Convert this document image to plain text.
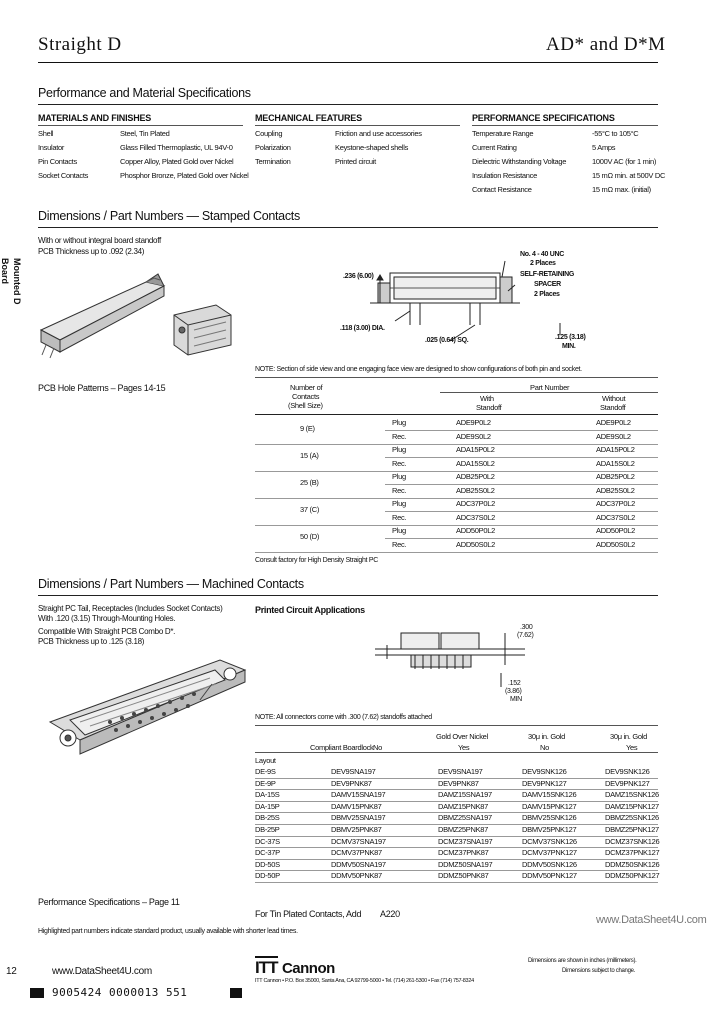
Straight D	AD* and D*M
Board Mounted D
Performance and Material Specifications
MATERIALS AND FINISHES
Shell	Steel, Tin Plated
Insulator	Glass Filled Thermoplastic, UL 94V-0
Pin Contacts	Copper Alloy, Plated Gold over Nickel
Socket Contacts	Phosphor Bronze, Plated Gold over Nickel
MECHANICAL FEATURES
Coupling	Friction and use accessories
Polarization	Keystone-shaped shells
Termination	Printed circuit
PERFORMANCE SPECIFICATIONS
Temperature Range	-55°C to 105°C
Current Rating	5 Amps
Dielectric Withstanding Voltage	1000V AC (for 1 min)
Insulation Resistance	15 mΩ min. at 500V DC
Contact Resistance	15 mΩ max. (initial)
Dimensions / Part Numbers — Stamped Contacts
With or without integral board standoff
PCB Thickness up to .092 (2.34)
.236 (6.00)
No. 4 - 40 UNC
2 Places
SELF-RETAINING
SPACER
2 Places
.118 (3.00) DIA.
.025 (0.64) SQ.	.125 (3.18)
MIN.
NOTE: Section of side view and one engaging face view are designed to show configurations of both pin and socket.
PCB Hole Patterns – Pages 14-15	Number of
Contacts
(Shell Size)
Part Number
With
Standoff
Without
Standoff
9 (E)
Plug	ADE9P0L2	ADE9P0L2
Rec.	ADE9S0L2	ADE9S0L2
15 (A)
Plug	ADA15P0L2	ADA15P0L2
Rec.	ADA15S0L2	ADA15S0L2
25 (B)
Plug	ADB25P0L2	ADB25P0L2
Rec.	ADB25S0L2	ADB25S0L2
37 (C)
Plug	ADC37P0L2	ADC37P0L2
Rec.	ADC37S0L2	ADC37S0L2
50 (D)
Plug	ADD50P0L2	ADD50P0L2
Rec.	ADD50S0L2	ADD50S0L2
Consult factory for High Density Straight PC
Dimensions / Part Numbers — Machined Contacts
Straight PC Tail, Receptacles (Includes Socket Contacts)
With .120 (3.15) Through-Mounting Holes.
Compatible With Straight PCB Combo D*.
PCB Thickness up to .125 (3.18)
Printed Circuit Applications
.300
(7.62)
.152
(3.86)
MIN
NOTE: All connectors come with .300 (7.62) standoffs attached
Compliant Boardlock No
Gold Over Nickel
Yes
30μ in. Gold
No
30μ in. Gold
Yes
Layout
DE-9S	DEV9SNA197	DEV9SNA197	DEV9SNK126	DEV9SNK126
DE-9P	DEV9PNK87	DEV9PNK87	DEV9PNK127	DEV9PNK127
DA-15S	DAMV15SNA197	DAMZ15SNA197	DAMV15SNK126	DAMZ15SNK126
DA-15P	DAMV15PNK87	DAMZ15PNK87	DAMV15PNK127	DAMZ15PNK127
DB-25S	DBMV25SNA197	DBMZ25SNA197	DBMV25SNK126	DBMZ25SNK126
DB-25P	DBMV25PNK87	DBMZ25PNK87	DBMV25PNK127	DBMZ25PNK127
DC-37S	DCMV37SNA197	DCMZ37SNA197	DCMV37SNK126	DCMZ37SNK126
DC-37P	DCMV37PNK87	DCMZ37PNK87	DCMV37PNK127	DCMZ37PNK127
DD-50S	DDMV50SNA197	DDMZ50SNA197	DDMV50SNK126	DDMZ50SNK126
DD-50P	DDMV50PNK87	DDMZ50PNK87	DDMV50PNK127	DDMZ50PNK127
Performance Specifications – Page 11
For Tin Plated Contacts, Add A220
Highlighted part numbers indicate standard product, usually available with shorter lead times.
12	www.DataSheet4U.com
www.DataSheet4U.com
ITT Cannon
ITT Cannon • P.O. Box 35000, Santa Ana, CA 92799-5000 • Tel. (714) 261-5300 • Fax (714) 757-8324
Dimensions are shown in inches (millimeters).
Dimensions subject to change.
9005424 0000013 551
